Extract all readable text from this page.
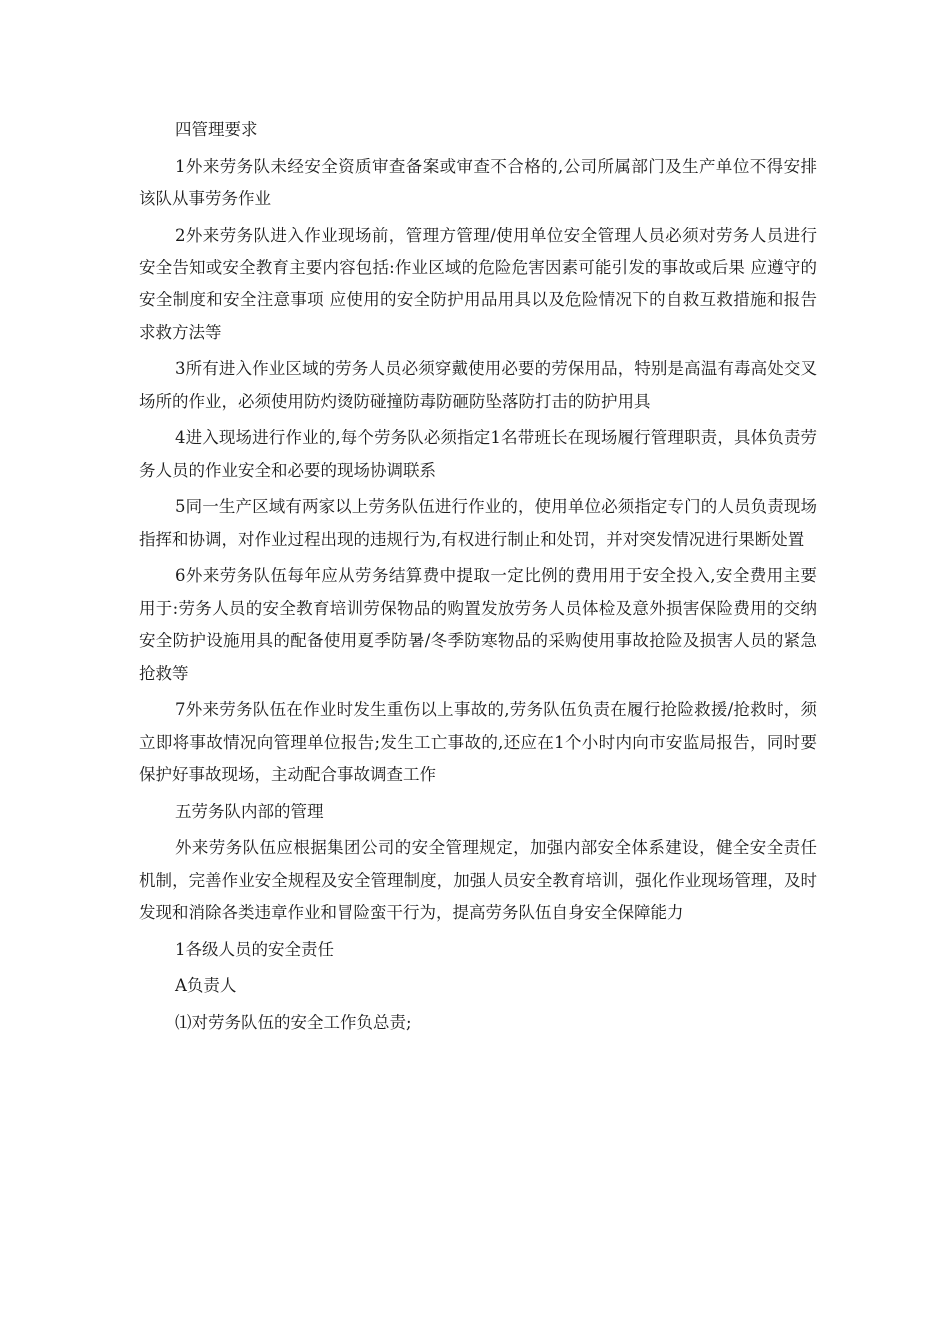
四管理要求

1外来劳务队未经安全资质审查备案或审查不合格的,公司所属部门及生产单位不得安排该队从事劳务作业

2外来劳务队进入作业现场前，管理方管理/使用单位安全管理人员必须对劳务人员进行安全告知或安全教育主要内容包括:作业区域的危险危害因素可能引发的事故或后果 应遵守的安全制度和安全注意事项 应使用的安全防护用品用具以及危险情况下的自救互救措施和报告求救方法等

3所有进入作业区域的劳务人员必须穿戴使用必要的劳保用品，特别是高温有毒高处交叉场所的作业，必须使用防灼烫防碰撞防毒防砸防坠落防打击的防护用具

4进入现场进行作业的,每个劳务队必须指定1名带班长在现场履行管理职责，具体负责劳务人员的作业安全和必要的现场协调联系

5同一生产区域有两家以上劳务队伍进行作业的，使用单位必须指定专门的人员负责现场指挥和协调，对作业过程出现的违规行为,有权进行制止和处罚，并对突发情况进行果断处置

6外来劳务队伍每年应从劳务结算费中提取一定比例的费用用于安全投入,安全费用主要用于:劳务人员的安全教育培训劳保物品的购置发放劳务人员体检及意外损害保险费用的交纳安全防护设施用具的配备使用夏季防暑/冬季防寒物品的采购使用事故抢险及损害人员的紧急抢救等

7外来劳务队伍在作业时发生重伤以上事故的,劳务队伍负责在履行抢险救援/抢救时，须立即将事故情况向管理单位报告;发生工亡事故的,还应在1个小时内向市安监局报告，同时要保护好事故现场，主动配合事故调查工作

五劳务队内部的管理

外来劳务队伍应根据集团公司的安全管理规定，加强内部安全体系建设，健全安全责任机制，完善作业安全规程及安全管理制度，加强人员安全教育培训，强化作业现场管理，及时发现和消除各类违章作业和冒险蛮干行为，提高劳务队伍自身安全保障能力

1各级人员的安全责任

A负责人

⑴对劳务队伍的安全工作负总责;
